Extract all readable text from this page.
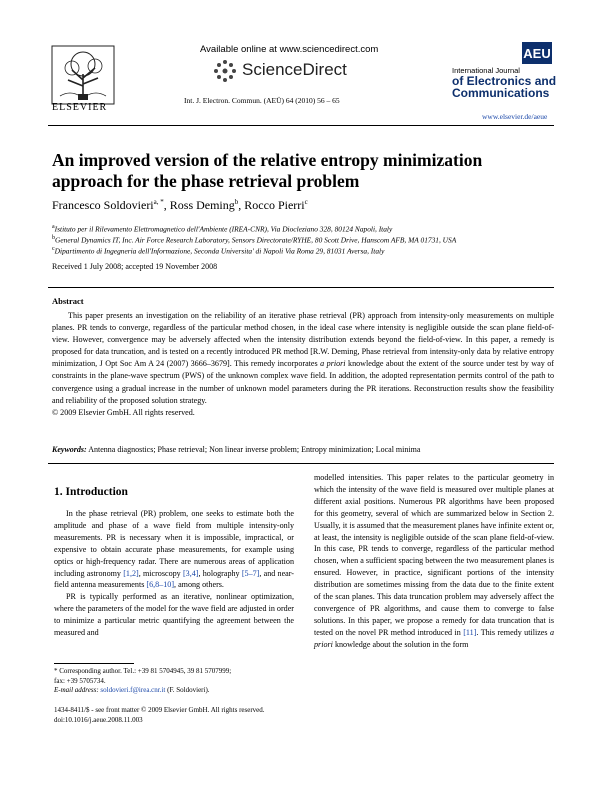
ELSEVIER
Available online at www.sciencedirect.com
ScienceDirect
Int. J. Electron. Commun. (AEÜ) 64 (2010) 56 – 65
AEU
International Journal
of Electronics and
Communications
www.elsevier.de/aeue
An improved version of the relative entropy minimization approach for the phase retrieval problem
Francesco Soldovieri$^{a, *}$, Ross Deming$^b$, Rocco Pierri$^c$
$^a$Istituto per il Rilevamento Elettromagnetico dell'Ambiente (IREA-CNR), Via Diocleziano 328, 80124 Napoli, Italy
$^b$General Dynamics IT, Inc. Air Force Research Laboratory, Sensors Directorate/RYHE, 80 Scott Drive, Hanscom AFB, MA 01731, USA
$^c$Dipartimento di Ingegneria dell'Informazione, Seconda Universita' di Napoli Via Roma 29, 81031 Aversa, Italy
Received 1 July 2008; accepted 19 November 2008
Abstract
This paper presents an investigation on the reliability of an iterative phase retrieval (PR) approach from intensity-only measurements on multiple planes. PR tends to converge, regardless of the particular method chosen, in the ideal case where intensity is negligible outside the scan plane field-of-view. However, convergence may be adversely affected when the intensity distribution extends beyond the field-of-view. In this paper, a remedy is proposed for data truncation, and is tested on a recently introduced PR method [R.W. Deming, Phase retrieval from intensity-only data by relative entropy minimization, J Opt Soc Am A 24 (2007) 3666–3679]. This remedy incorporates a priori knowledge about the extent of the source under test by way of constraints in the plane-wave spectrum (PWS) of the unknown complex wave field. In addition, the adopted representation permits control of the path to convergence using a gradual increase in the number of unknown model parameters during the PR iterations. Reconstruction results show the feasibility and reliability of the proposed solution strategy.
© 2009 Elsevier GmbH. All rights reserved.
Keywords: Antenna diagnostics; Phase retrieval; Non linear inverse problem; Entropy minimization; Local minima
1. Introduction

In the phase retrieval (PR) problem, one seeks to estimate both the amplitude and phase of a wave field from multiple intensity-only measurements. PR is necessary when it is impossible, impractical, or expensive to obtain accurate phase measurements, for example using optics or high-frequency radar. There are numerous areas of application including astronomy [1,2], microscopy [3,4], holography [5–7], and near-field antenna measurements [6,8–10], among others.

PR is typically performed as an iterative, nonlinear optimization, where the parameters of the model for the wave field are adjusted in order to minimize a particular metric quantifying the agreement between the measured and

modelled intensities. This paper relates to the particular geometry in which the intensity of the wave field is measured over multiple planes at different axial positions. Numerous PR algorithms have been proposed for this geometry, several of which are summarized below in Section 2. Usually, it is assumed that the measurement planes have infinite extent or, at least, the intensity is negligible outside of the scan plane field-of-view. In this case, PR tends to converge, regardless of the particular method chosen, when a sufficient spacing between the two measurement planes is ensured. However, in practice, significant portions of the intensity distribution are sometimes missing from the data due to the finite extent of the scan planes. This data truncation problem may adversely affect the convergence of PR algorithms, and cause them to converge to false solutions. In this paper, we propose a remedy for data truncation that is tested on the novel PR method introduced in [11]. This remedy utilizes a priori knowledge about the solution in the form

* Corresponding author. Tel.: +39 81 5704945, 39 81 5707999;
fax: +39 5705734.
E-mail address: soldovieri.f@irea.cnr.it (F. Soldovieri).
1434-8411/$ - see front matter © 2009 Elsevier GmbH. All rights reserved.
doi:10.1016/j.aeue.2008.11.003
